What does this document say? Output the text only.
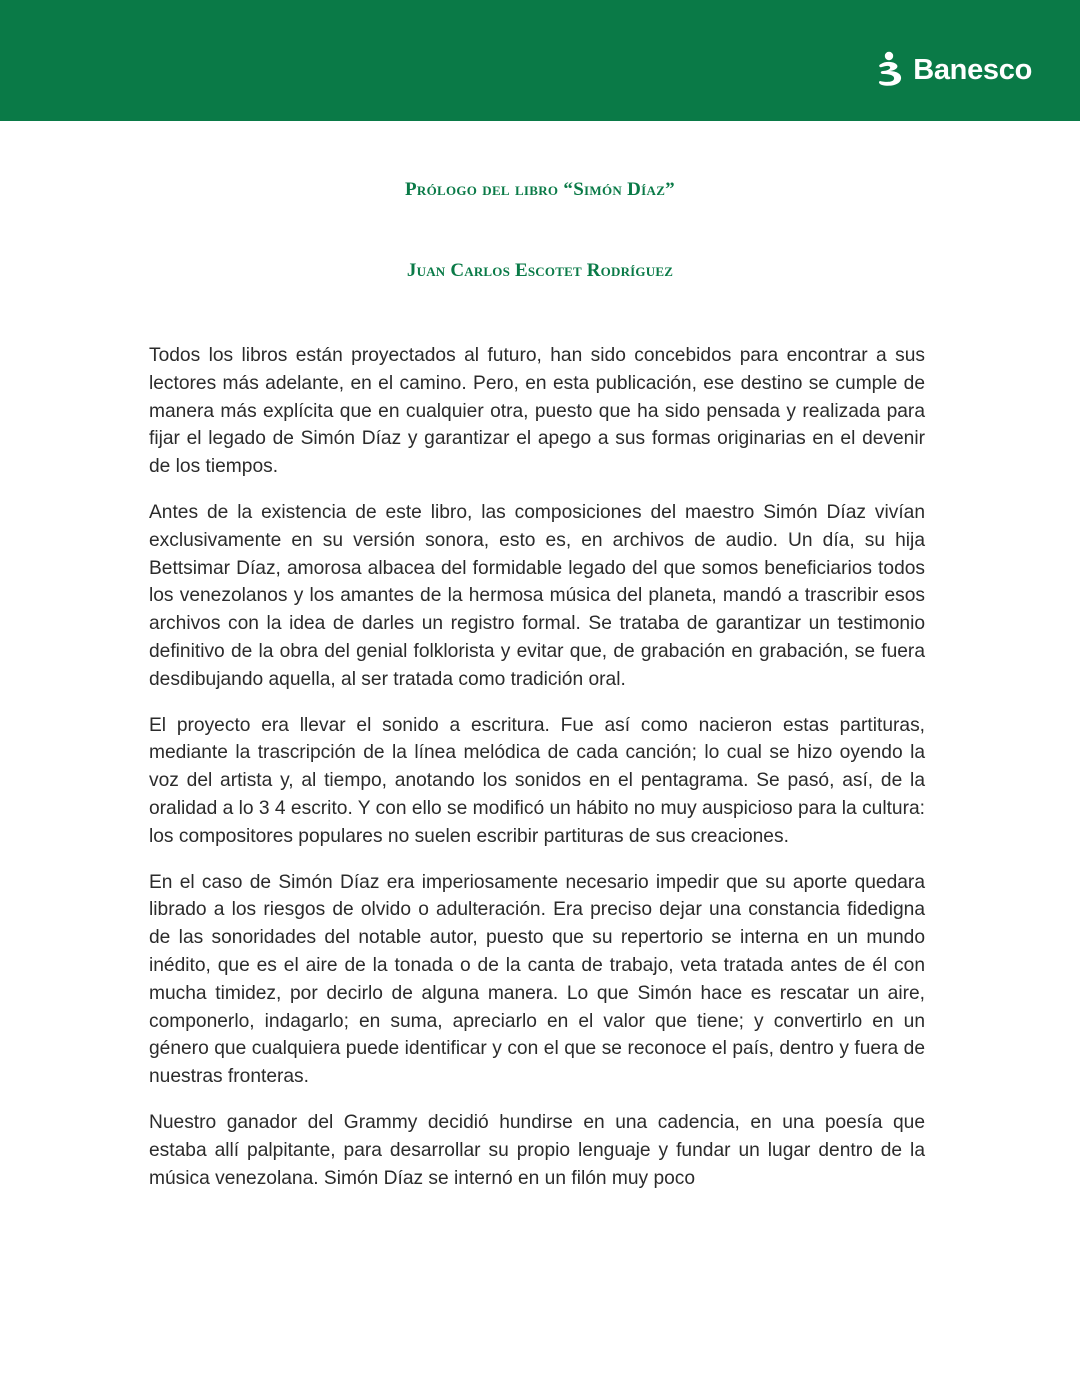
Banesco
Prólogo del libro “Simón Díaz”
Juan Carlos Escotet Rodríguez

Todos los libros están proyectados al futuro, han sido concebidos para encontrar a sus lectores más adelante, en el camino. Pero, en esta publicación, ese destino se cumple de manera más explícita que en cualquier otra, puesto que ha sido pensada y realizada para fijar el legado de Simón Díaz y garantizar el apego a sus formas originarias en el devenir de los tiempos.

Antes de la existencia de este libro, las composiciones del maestro Simón Díaz vivían exclusivamente en su versión sonora, esto es, en archivos de audio. Un día, su hija Bettsimar Díaz, amorosa albacea del formidable legado del que somos beneficiarios todos los venezolanos y los amantes de la hermosa música del planeta, mandó a trascribir esos archivos con la idea de darles un registro formal. Se trataba de garantizar un testimonio definitivo de la obra del genial folklorista y evitar que, de grabación en grabación, se fuera desdibujando aquella, al ser tratada como tradición oral.

El proyecto era llevar el sonido a escritura. Fue así como nacieron estas partituras, mediante la trascripción de la línea melódica de cada canción; lo cual se hizo oyendo la voz del artista y, al tiempo, anotando los sonidos en el pentagrama. Se pasó, así, de la oralidad a lo 3 4 escrito. Y con ello se modificó un hábito no muy auspicioso para la cultura: los compositores populares no suelen escribir partituras de sus creaciones.

En el caso de Simón Díaz era imperiosamente necesario impedir que su aporte quedara librado a los riesgos de olvido o adulteración. Era preciso dejar una constancia fidedigna de las sonoridades del notable autor, puesto que su repertorio se interna en un mundo inédito, que es el aire de la tonada o de la canta de trabajo, veta tratada antes de él con mucha timidez, por decirlo de alguna manera. Lo que Simón hace es rescatar un aire, componerlo, indagarlo; en suma, apreciarlo en el valor que tiene; y convertirlo en un género que cualquiera puede identificar y con el que se reconoce el país, dentro y fuera de nuestras fronteras.

Nuestro ganador del Grammy decidió hundirse en una cadencia, en una poesía que estaba allí palpitante, para desarrollar su propio lenguaje y fundar un lugar dentro de la música venezolana. Simón Díaz se internó en un filón muy poco
